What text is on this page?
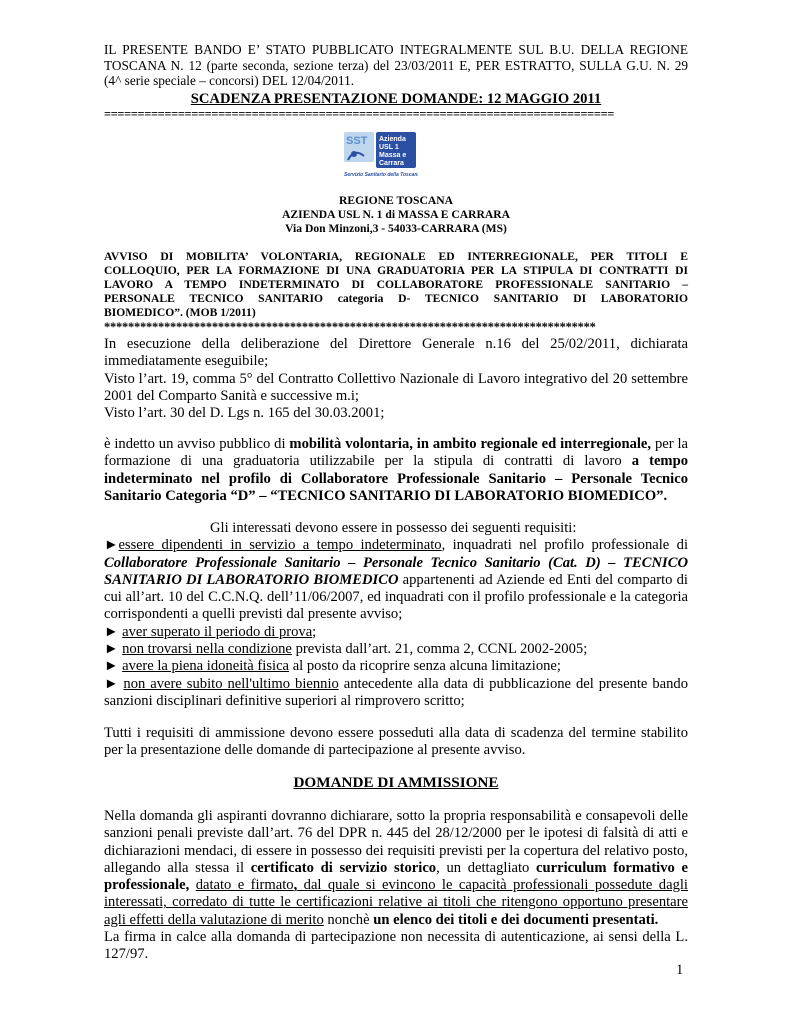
IL PRESENTE BANDO E’ STATO PUBBLICATO INTEGRALMENTE SUL B.U. DELLA REGIONE
TOSCANA N. 12 (parte seconda, sezione terza) del 23/03/2011 E, PER ESTRATTO, SULLA G.U. N. 29
(4^ serie speciale – concorsi) DEL 12/04/2011.
SCADENZA PRESENTAZIONE DOMANDE: 12 MAGGIO 2011
============================================================================
SST Azienda
USL 1
Massa e
Carrara
Servizio Sanitario della Toscana
REGIONE TOSCANA
AZIENDA USL N. 1 di MASSA E CARRARA
Via Don Minzoni,3 - 54033-CARRARA (MS)
AVVISO DI MOBILITA’ VOLONTARIA, REGIONALE ED INTERREGIONALE, PER TITOLI E
COLLOQUIO, PER LA FORMAZIONE DI UNA GRADUATORIA PER LA STIPULA DI CONTRATTI DI
LAVORO A TEMPO INDETERMINATO DI COLLABORATORE PROFESSIONALE SANITARIO –
PERSONALE TECNICO SANITARIO categoria D- TECNICO SANITARIO DI LABORATORIO
BIOMEDICO”. (MOB 1/2011)
**********************************************************************************
In esecuzione della deliberazione del Direttore Generale n.16 del 25/02/2011, dichiarata
immediatamente eseguibile;
Visto l’art. 19, comma 5° del Contratto Collettivo Nazionale di Lavoro integrativo del 20 settembre
2001 del Comparto Sanità e successive m.i;
Visto l’art. 30 del D. Lgs n. 165 del 30.03.2001;
è indetto un avviso pubblico di mobilità volontaria, in ambito regionale ed interregionale, per la
formazione di una graduatoria utilizzabile per la stipula di contratti di lavoro a tempo
indeterminato nel profilo di Collaboratore Professionale Sanitario – Personale Tecnico
Sanitario Categoria “D” – “TECNICO SANITARIO DI LABORATORIO BIOMEDICO”.
Gli interessati devono essere in possesso dei seguenti requisiti:
►essere dipendenti in servizio a tempo indeterminato, inquadrati nel profilo professionale di
Collaboratore Professionale Sanitario – Personale Tecnico Sanitario (Cat. D) – TECNICO
SANITARIO DI LABORATORIO BIOMEDICO appartenenti ad Aziende ed Enti del comparto di
cui all’art. 10 del C.C.N.Q. dell’11/06/2007, ed inquadrati con il profilo professionale e la categoria
corrispondenti a quelli previsti dal presente avviso;
► aver superato il periodo di prova;
► non trovarsi nella condizione prevista dall’art. 21, comma 2, CCNL 2002-2005;
► avere la piena idoneità fisica al posto da ricoprire senza alcuna limitazione;
► non avere subito nell'ultimo biennio antecedente alla data di pubblicazione del presente bando
sanzioni disciplinari definitive superiori al rimprovero scritto;
Tutti i requisiti di ammissione devono essere posseduti alla data di scadenza del termine stabilito
per la presentazione delle domande di partecipazione al presente avviso.
DOMANDE DI AMMISSIONE
Nella domanda gli aspiranti dovranno dichiarare, sotto la propria responsabilità e consapevoli delle
sanzioni penali previste dall’art. 76 del DPR n. 445 del 28/12/2000 per le ipotesi di falsità di atti e
dichiarazioni mendaci, di essere in possesso dei requisiti previsti per la copertura del relativo posto,
allegando alla stessa il certificato di servizio storico, un dettagliato curriculum formativo e
professionale, datato e firmato, dal quale si evincono le capacità professionali possedute dagli
interessati, corredato di tutte le certificazioni relative ai titoli che ritengono opportuno presentare
agli effetti della valutazione di merito nonchè un elenco dei titoli e dei documenti presentati.
La firma in calce alla domanda di partecipazione non necessita di autenticazione, ai sensi della L.
127/97.
1
